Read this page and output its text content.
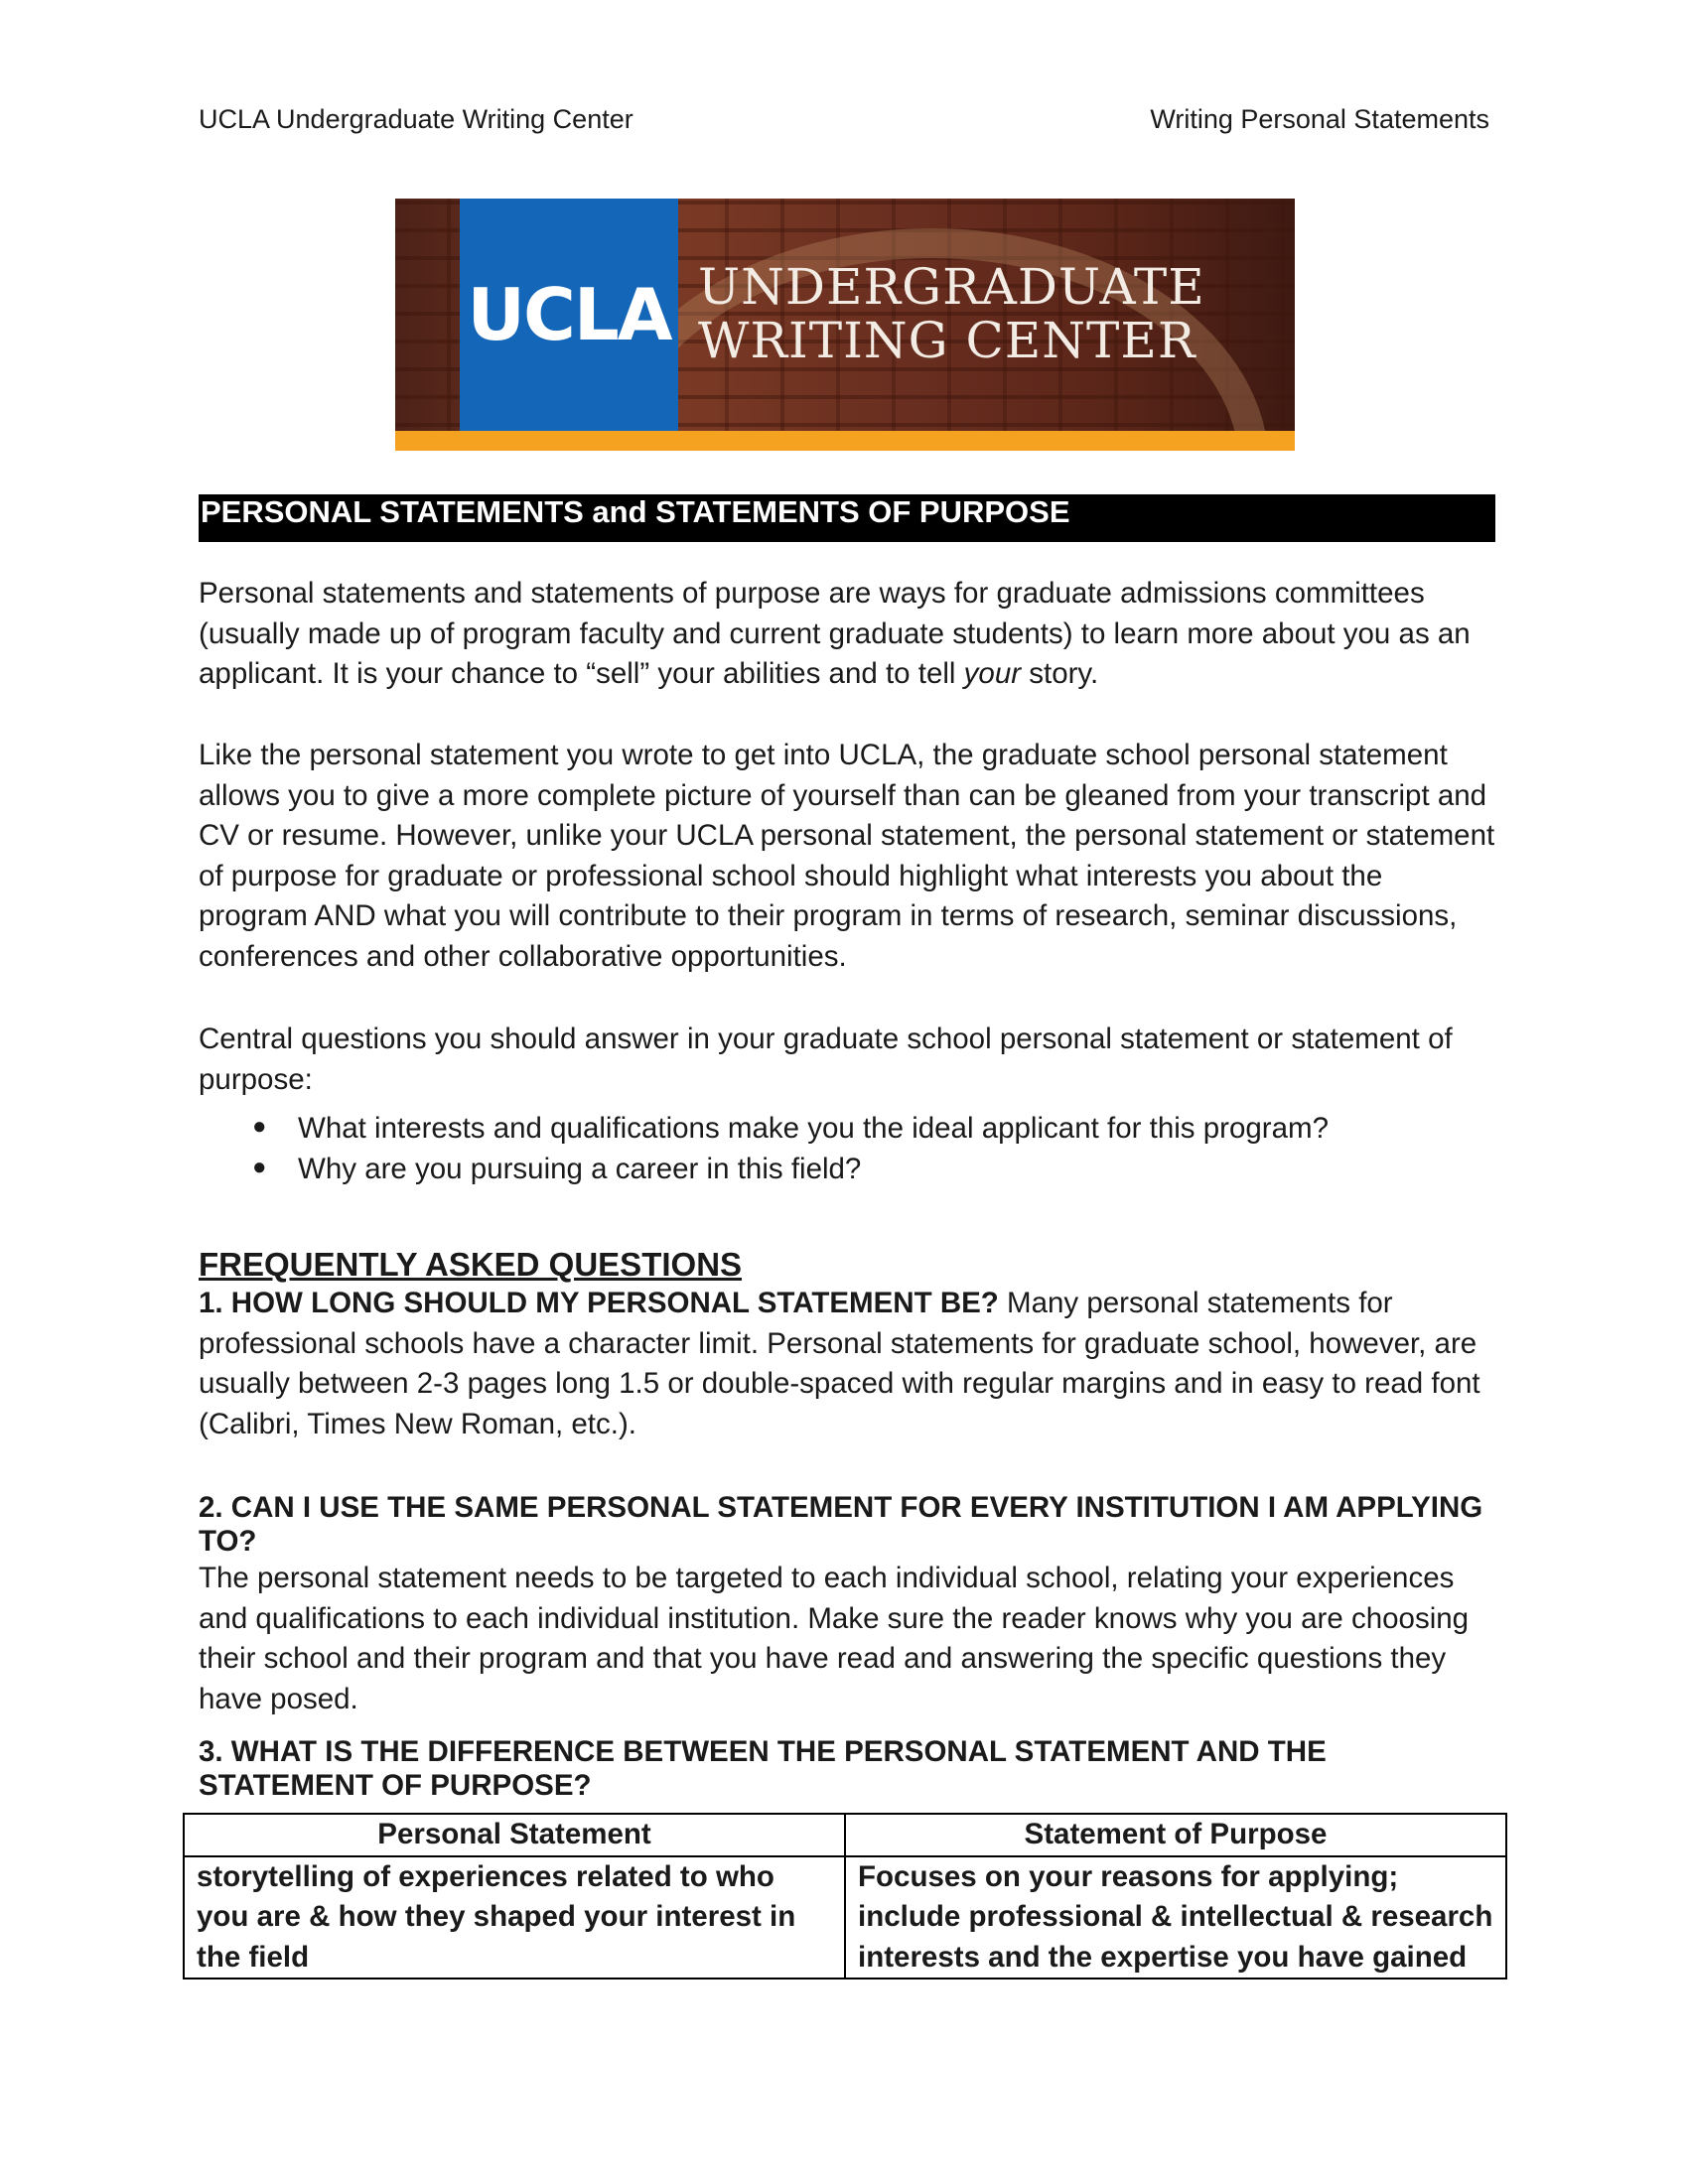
UCLA Undergraduate Writing Center	Writing Personal Statements
UCLA UNDERGRADUATE
WRITING CENTER
PERSONAL STATEMENTS and STATEMENTS OF PURPOSE

Personal statements and statements of purpose are ways for graduate admissions committees (usually made up of program faculty and current graduate students) to learn more about you as an applicant. It is your chance to “sell” your abilities and to tell your story.

Like the personal statement you wrote to get into UCLA, the graduate school personal statement allows you to give a more complete picture of yourself than can be gleaned from your transcript and CV or resume. However, unlike your UCLA personal statement, the personal statement or statement of purpose for graduate or professional school should highlight what interests you about the program AND what you will contribute to their program in terms of research, seminar discussions, conferences and other collaborative opportunities.

Central questions you should answer in your graduate school personal statement or statement of purpose:

● What interests and qualifications make you the ideal applicant for this program?
● Why are you pursuing a career in this field?
FREQUENTLY ASKED QUESTIONS

1. HOW LONG SHOULD MY PERSONAL STATEMENT BE? Many personal statements for professional schools have a character limit. Personal statements for graduate school, however, are usually between 2-3 pages long 1.5 or double-spaced with regular margins and in easy to read font (Calibri, Times New Roman, etc.).

2. CAN I USE THE SAME PERSONAL STATEMENT FOR EVERY INSTITUTION I AM APPLYING TO?
The personal statement needs to be targeted to each individual school, relating your experiences and qualifications to each individual institution. Make sure the reader knows why you are choosing their school and their program and that you have read and answering the specific questions they have posed.
3. WHAT IS THE DIFFERENCE BETWEEN THE PERSONAL STATEMENT AND THE STATEMENT OF PURPOSE?
Personal Statement	Statement of Purpose
storytelling of experiences related to who you are & how they shaped your interest in the field	Focuses on your reasons for applying; include professional & intellectual & research interests and the expertise you have gained
